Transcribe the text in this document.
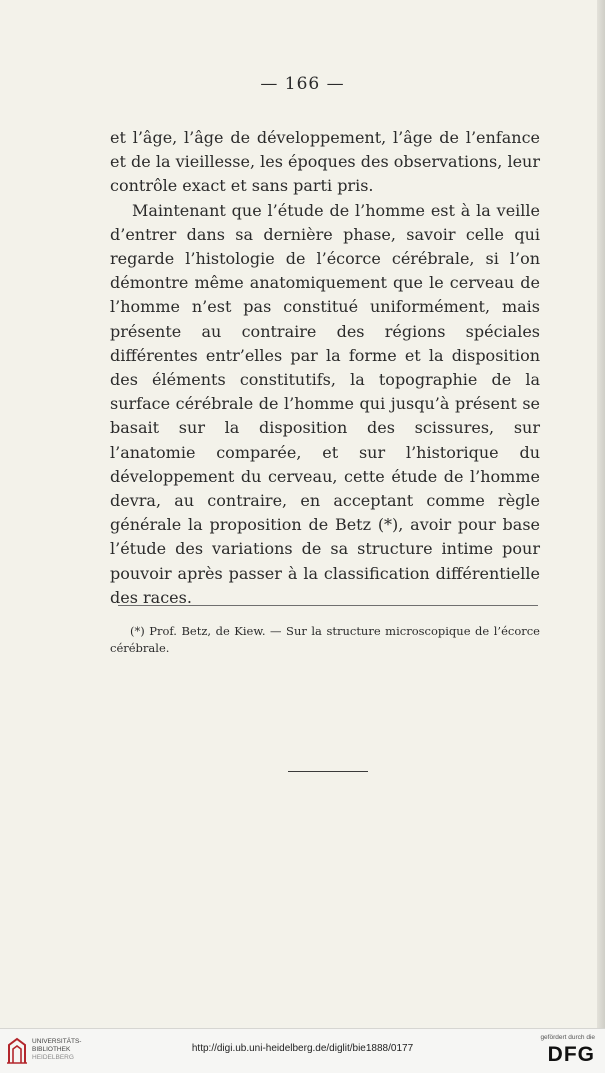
— 166 —

et l’âge, l’âge de développement, l’âge de l’enfance et de la vieillesse, les époques des observations, leur contrôle exact et sans parti pris.

Maintenant que l’étude de l’homme est à la veille d’entrer dans sa dernière phase, savoir celle qui regarde l’histologie de l’écorce cérébrale, si l’on démontre même anatomiquement que le cerveau de l’homme n’est pas constitué uniformément, mais présente au contraire des régions spéciales différentes entr’elles par la forme et la disposition des éléments constitutifs, la topographie de la surface cérébrale de l’homme qui jusqu’à présent se basait sur la disposition des scissures, sur l’anatomie comparée, et sur l’historique du développement du cerveau, cette étude de l’homme devra, au contraire, en acceptant comme règle générale la proposition de Betz (*), avoir pour base l’étude des variations de sa structure intime pour pouvoir après passer à la classification différentielle des races.

(*) Prof. Betz, de Kiew. — Sur la structure microscopique de l’écorce cérébrale.

UNIVERSITÄTS-
BIBLIOTHEK
HEIDELBERG
http://digi.ub.uni-heidelberg.de/diglit/bie1888/0177
gefördert durch die
DFG
